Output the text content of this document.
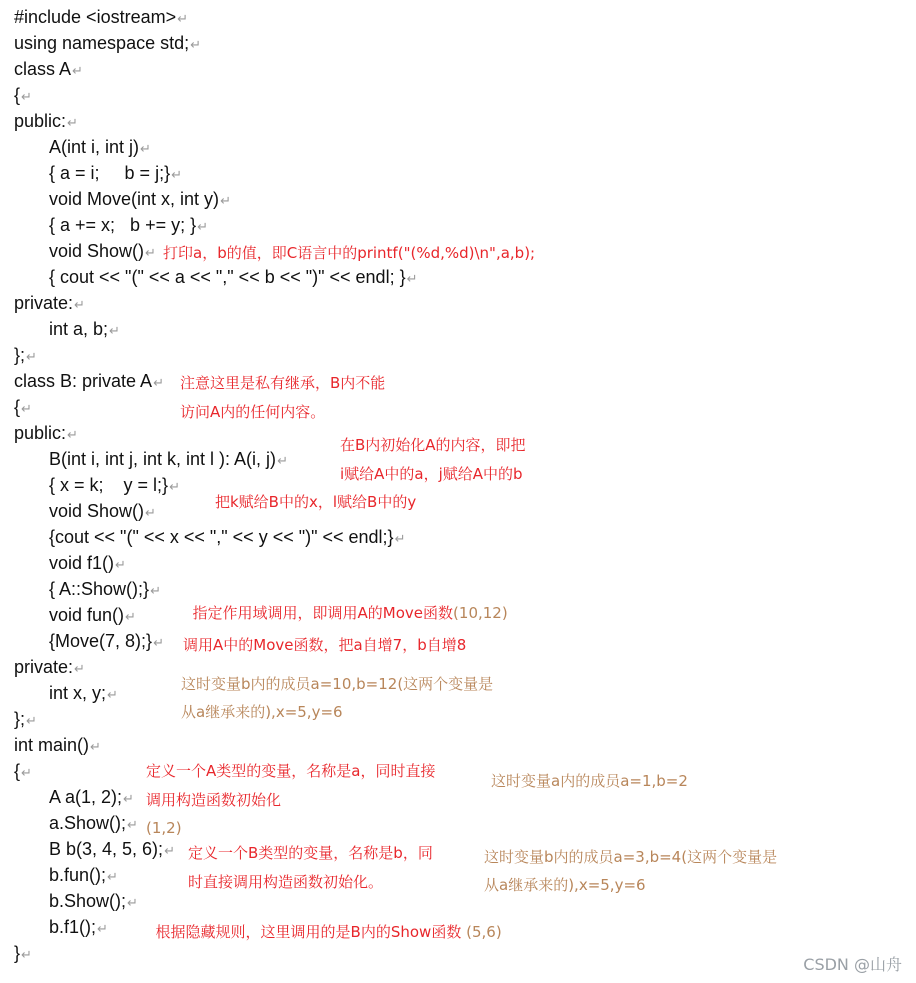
#include <iostream>↵
using namespace std;↵
class A↵
{↵
public:↵
A(int i, int j)↵
{ a = i;     b = j;}↵
void Move(int x, int y)↵
{ a += x;   b += y; }↵
void Show()↵
{ cout << "(" << a << "," << b << ")" << endl; }↵
private:↵
int a, b;↵
};↵
class B: private A↵
{↵
public:↵
B(int i, int j, int k, int l ): A(i, j)↵
{ x = k;    y = l;}↵
void Show()↵
{cout << "(" << x << "," << y << ")" << endl;}↵
void f1()↵
{ A::Show();}↵
void fun()↵
{Move(7, 8);}↵
private:↵
int x, y;↵
};↵
int main()↵
{↵
A a(1, 2);↵
a.Show();↵
B b(3, 4, 5, 6);↵
b.fun();↵
b.Show();↵
b.f1();↵
}↵
打印a，b的值，即C语言中的printf("(%d,%d)\n",a,b);
注意这里是私有继承，B内不能
访问A内的任何内容。
在B内初始化A的内容，即把
i赋给A中的a，j赋给A中的b
把k赋给B中的x，l赋给B中的y

指定作用域调用，即调用A的Move函数(10,12)

调用A中的Move函数，把a自增7，b自增8
这时变量b内的成员a=10,b=12(这两个变量是
从a继承来的),x=5,y=6
定义一个A类型的变量，名称是a，同时直接
调用构造函数初始化
这时变量a内的成员a=1,b=2
(1,2)
定义一个B类型的变量，名称是b，同
时直接调用构造函数初始化。
这时变量b内的成员a=3,b=4(这两个变量是
从a继承来的),x=5,y=6

根据隐藏规则，这里调用的是B内的Show函数 (5,6)

CSDN @山舟
